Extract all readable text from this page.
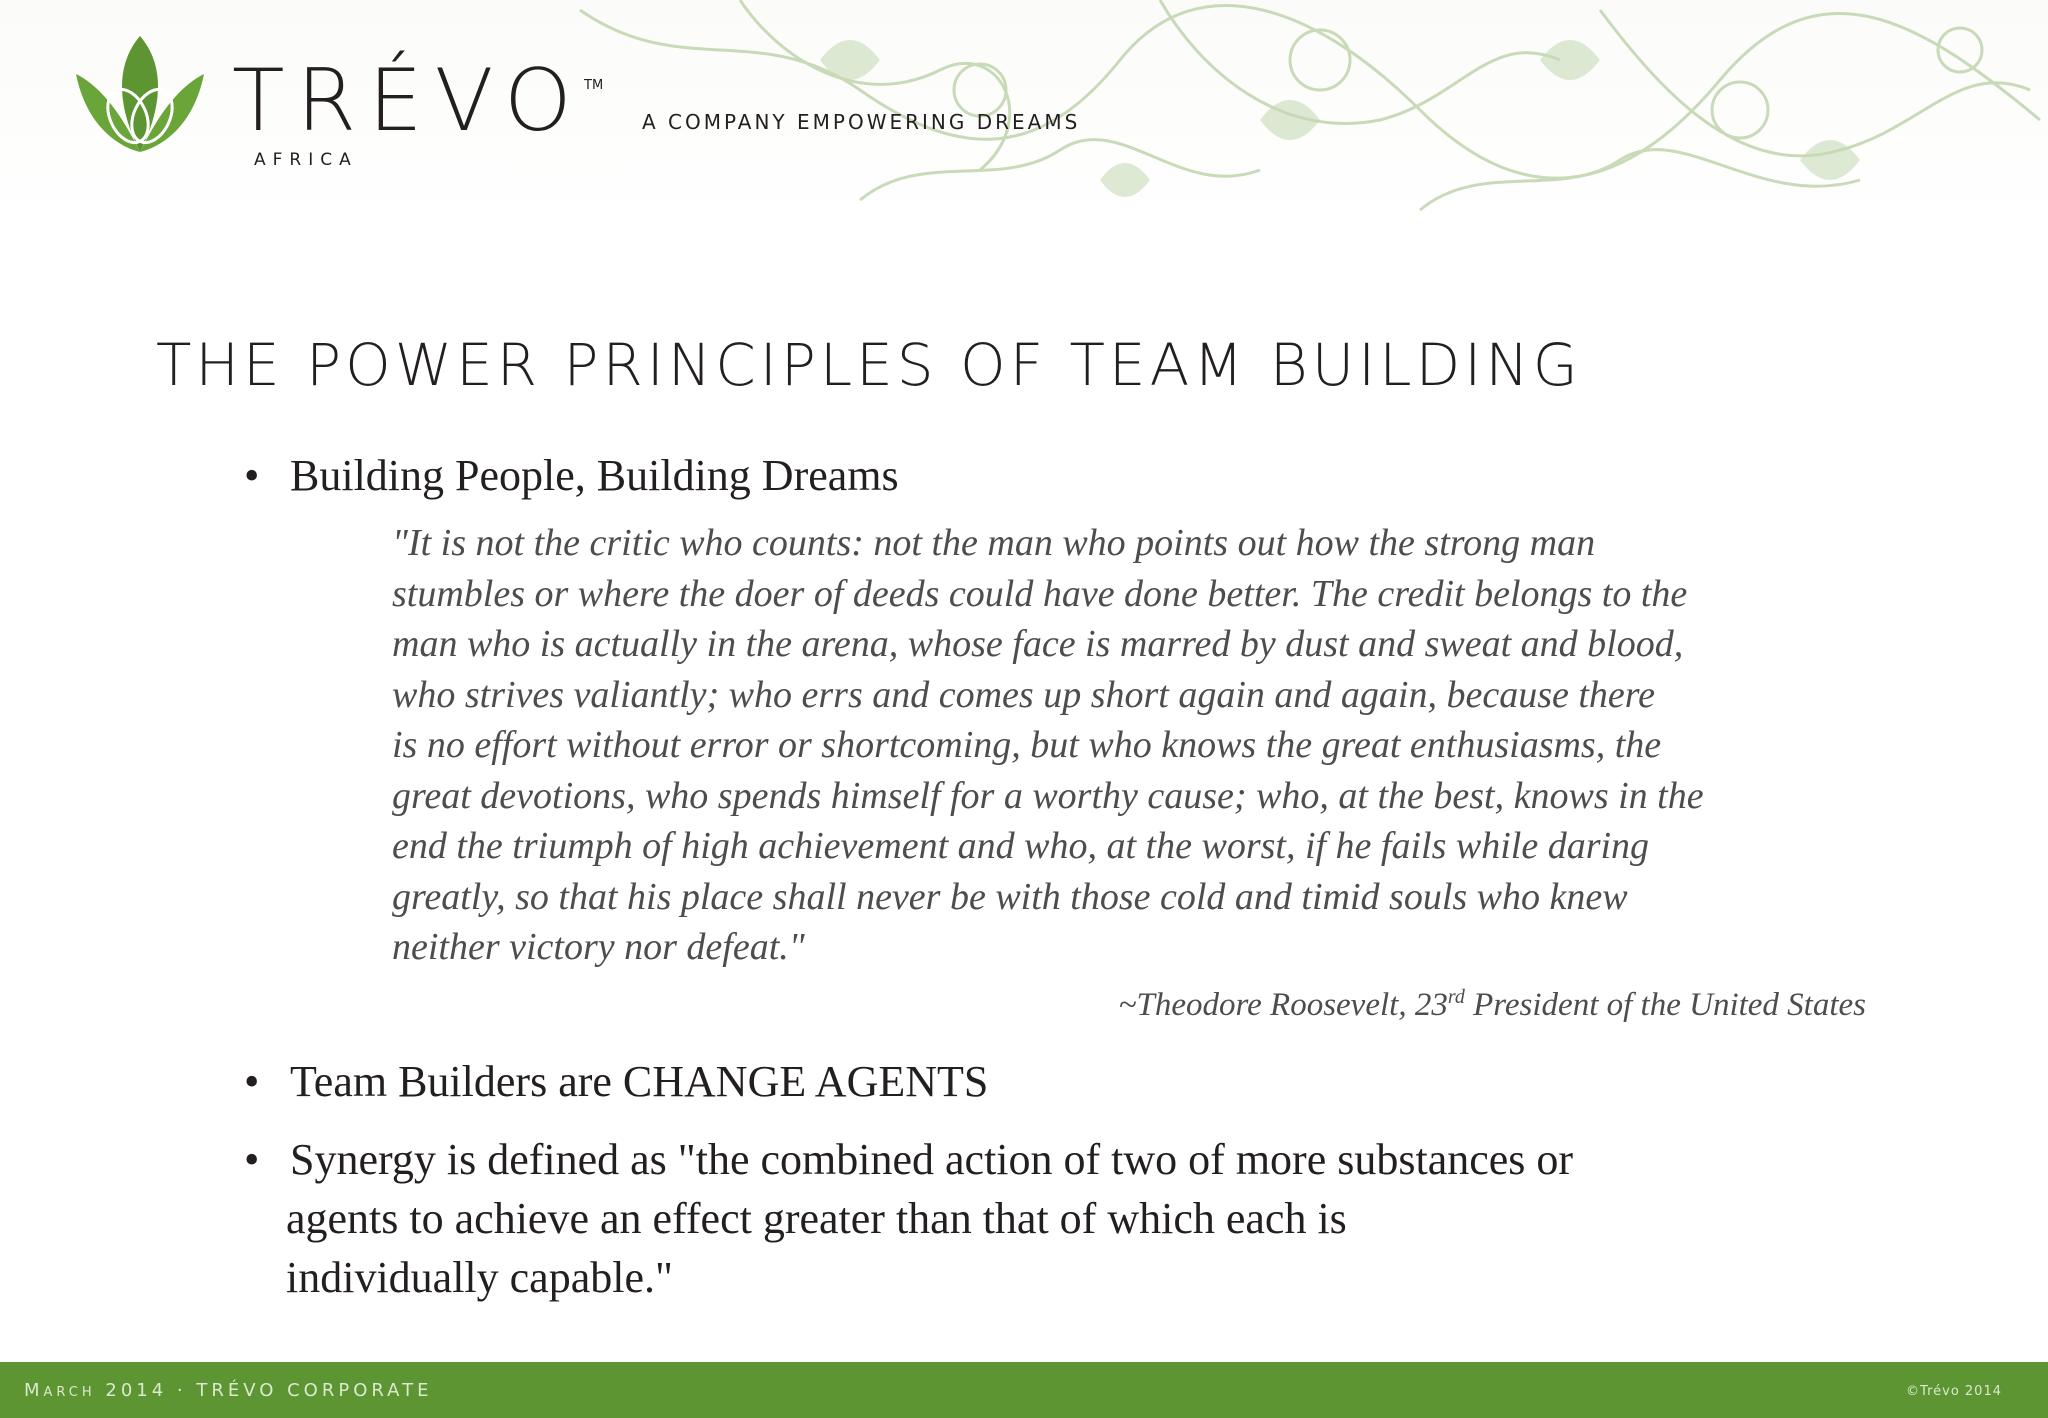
TRÉVO TM
AFRICA
A COMPANY EMPOWERING DREAMS
THE POWER PRINCIPLES OF TEAM BUILDING
• Building People, Building Dreams
"It is not the critic who counts: not the man who points out how the strong man
stumbles or where the doer of deeds could have done better. The credit belongs to the
man who is actually in the arena, whose face is marred by dust and sweat and blood,
who strives valiantly; who errs and comes up short again and again, because there
is no effort without error or shortcoming, but who knows the great enthusiasms, the
great devotions, who spends himself for a worthy cause; who, at the best, knows in the
end the triumph of high achievement and who, at the worst, if he fails while daring
greatly, so that his place shall never be with those cold and timid souls who knew
neither victory nor defeat."
~Theodore Roosevelt, 23rd President of the United States
• Team Builders are CHANGE AGENTS
• Synergy is defined as "the combined action of two of more substances or
agents to achieve an effect greater than that of which each is
individually capable."
March 2014 · TRÉVO CORPORATE	©Trévo 2014
